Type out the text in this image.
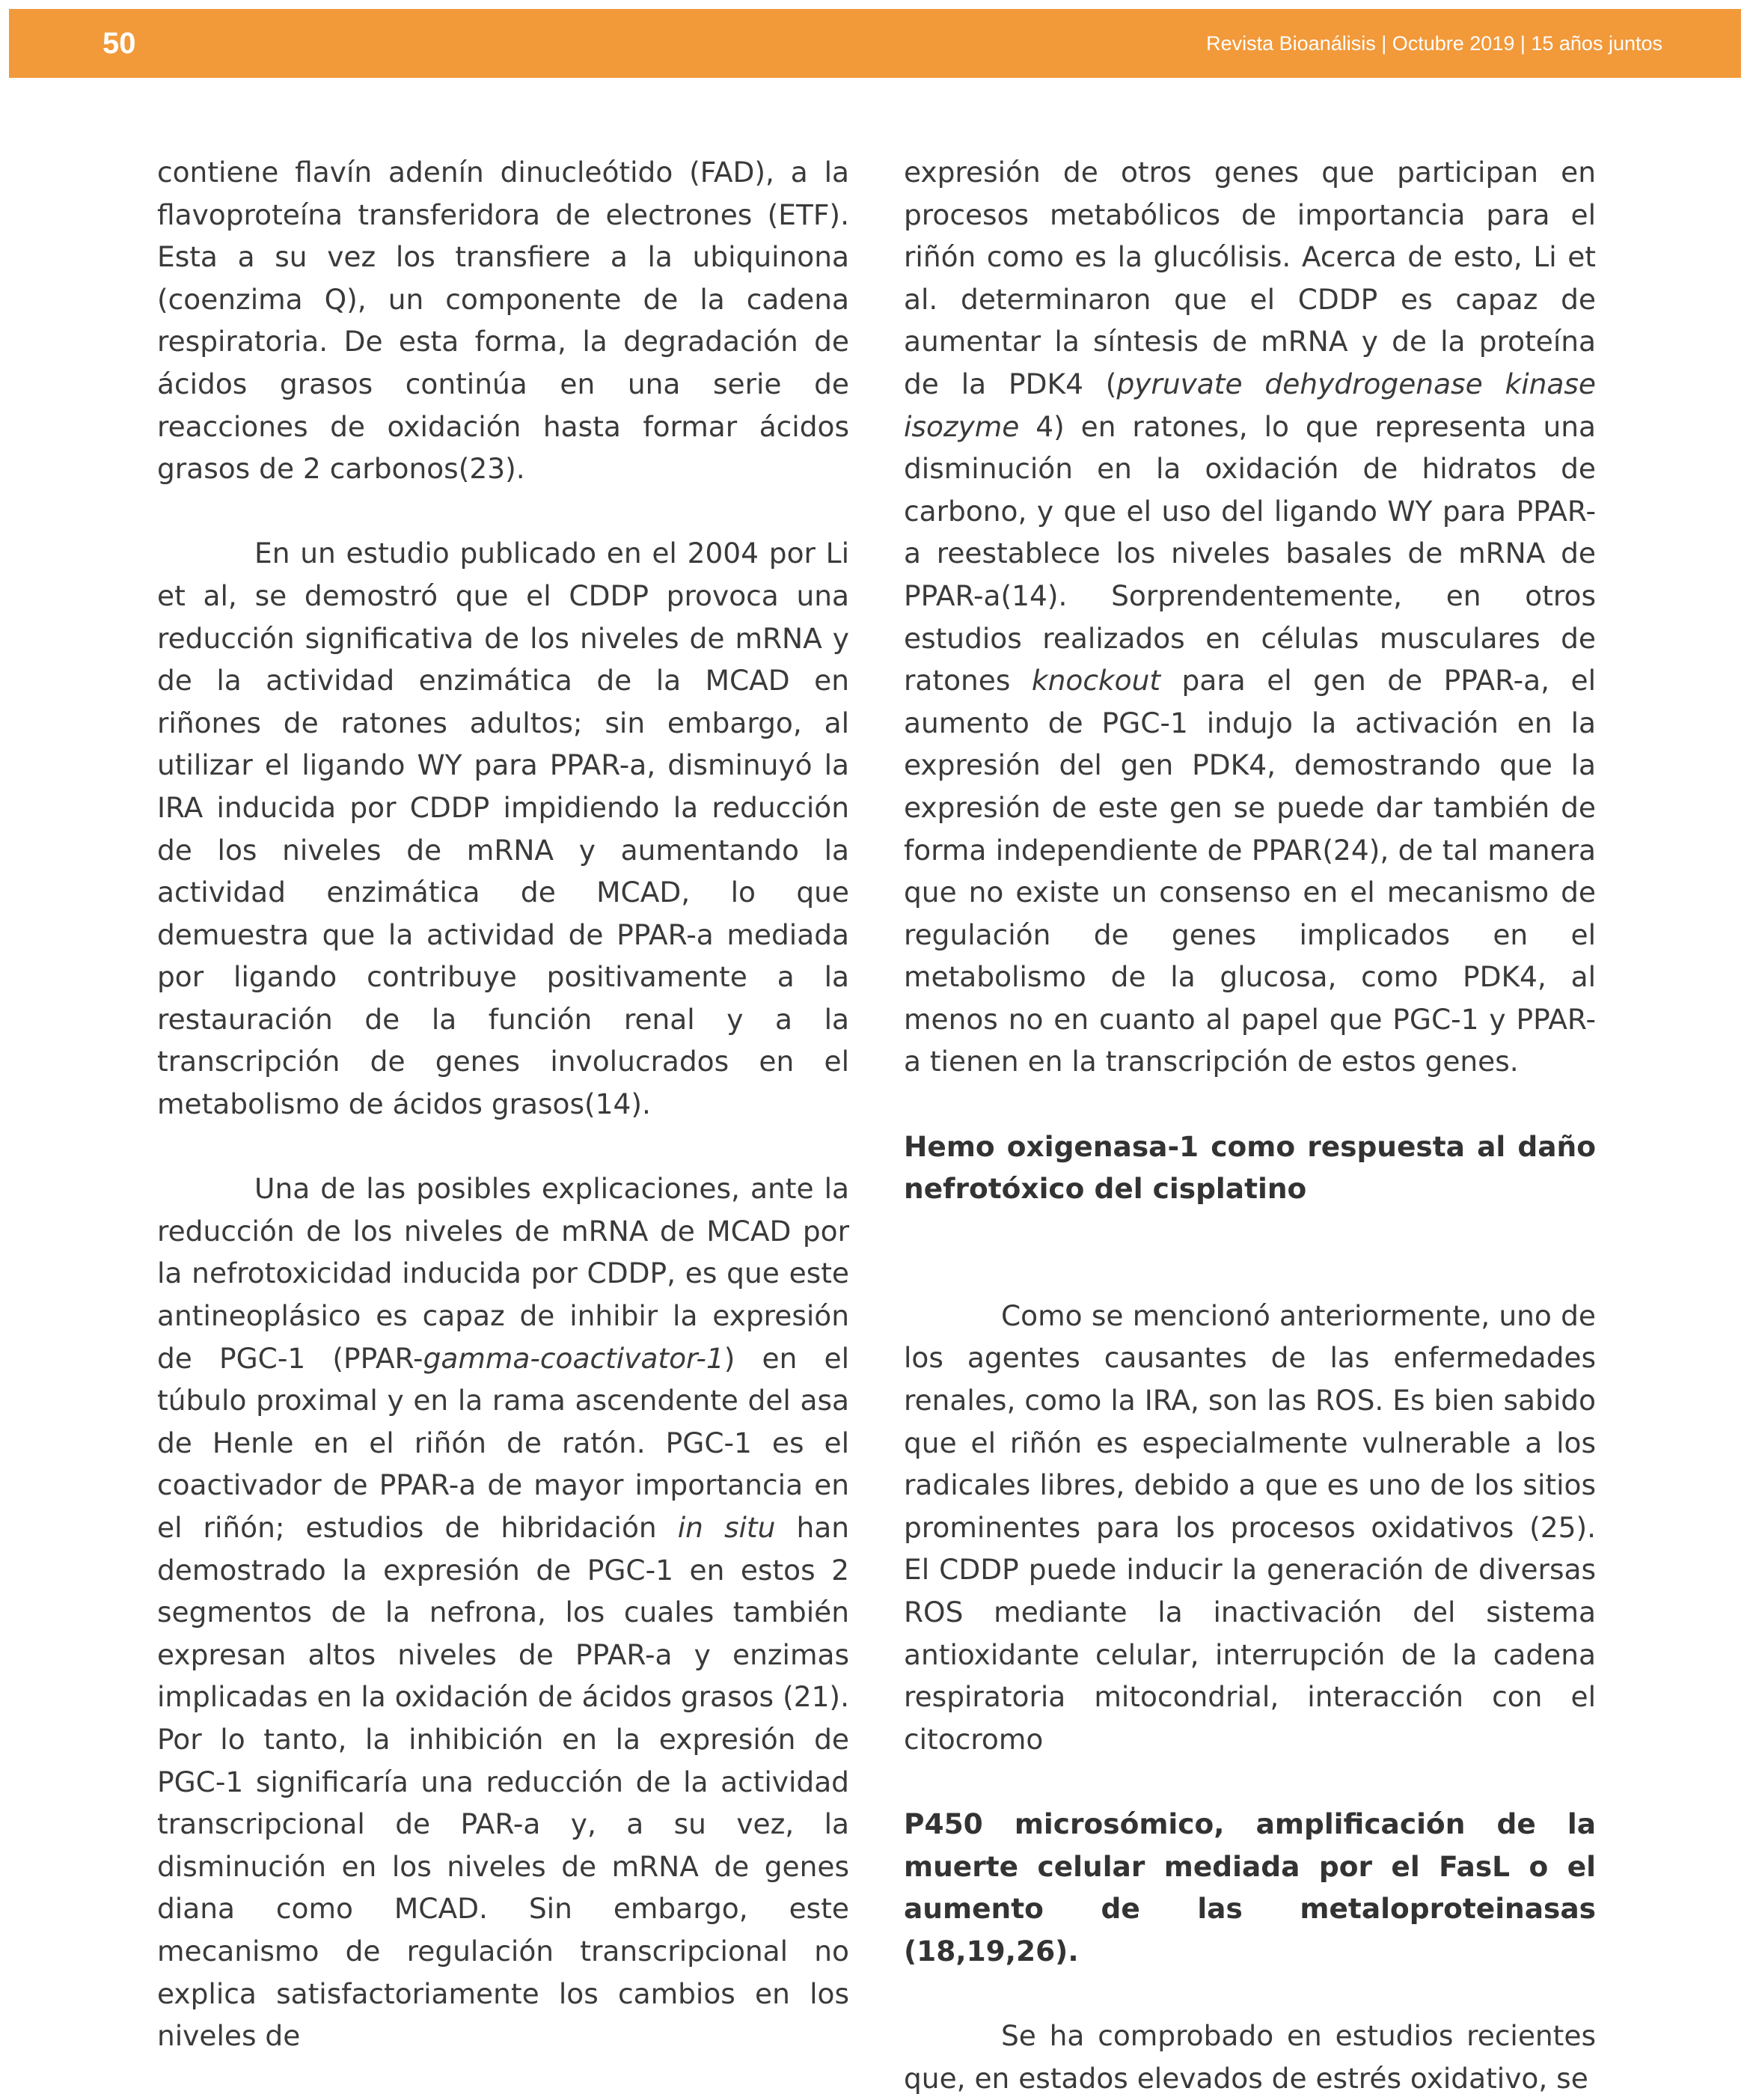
50	Revista Bioanálisis | Octubre 2019 | 15 años juntos

contiene flavín adenín dinucleótido (FAD), a la flavoproteína transferidora de electrones (ETF). Esta a su vez los transfiere a la ubiquinona (coenzima Q), un componente de la cadena respiratoria. De esta forma, la degradación de ácidos grasos continúa en una serie de reacciones de oxidación hasta formar ácidos grasos de 2 carbonos(23).

En un estudio publicado en el 2004 por Li et al, se demostró que el CDDP provoca una reducción significativa de los niveles de mRNA y de la actividad enzimática de la MCAD en riñones de ratones adultos; sin embargo, al utilizar el ligando WY para PPAR-a, disminuyó la IRA inducida por CDDP impidiendo la reducción de los niveles de mRNA y aumentando la actividad enzimática de MCAD, lo que demuestra que la actividad de PPAR-a mediada por ligando contribuye positivamente a la restauración de la función renal y a la transcripción de genes involucrados en el metabolismo de ácidos grasos(14).

Una de las posibles explicaciones, ante la reducción de los niveles de mRNA de MCAD por la nefrotoxicidad inducida por CDDP, es que este antineoplásico es capaz de inhibir la expresión de PGC-1 (PPAR-gamma-coactivator-1) en el túbulo proximal y en la rama ascendente del asa de Henle en el riñón de ratón. PGC-1 es el coactivador de PPAR-a de mayor importancia en el riñón; estudios de hibridación in situ han demostrado la expresión de PGC-1 en estos 2 segmentos de la nefrona, los cuales también expresan altos niveles de PPAR-a y enzimas implicadas en la oxidación de ácidos grasos (21). Por lo tanto, la inhibición en la expresión de PGC-1 significaría una reducción de la actividad transcripcional de PAR-a y, a su vez, la disminución en los niveles de mRNA de genes diana como MCAD. Sin embargo, este mecanismo de regulación transcripcional no explica satisfactoriamente los cambios en los niveles de

expresión de otros genes que participan en procesos metabólicos de importancia para el riñón como es la glucólisis. Acerca de esto, Li et al. determinaron que el CDDP es capaz de aumentar la síntesis de mRNA y de la proteína de la PDK4 (pyruvate dehydrogenase kinase isozyme 4) en ratones, lo que representa una disminución en la oxidación de hidratos de carbono, y que el uso del ligando WY para PPAR-a reestablece los niveles basales de mRNA de PPAR-a(14). Sorprendentemente, en otros estudios realizados en células musculares de ratones knockout para el gen de PPAR-a, el aumento de PGC-1 indujo la activación en la expresión del gen PDK4, demostrando que la expresión de este gen se puede dar también de forma independiente de PPAR(24), de tal manera que no existe un consenso en el mecanismo de regulación de genes implicados en el metabolismo de la glucosa, como PDK4, al menos no en cuanto al papel que PGC-1 y PPAR-a tienen en la transcripción de estos genes.

Hemo oxigenasa-1 como respuesta al daño nefrotóxico del cisplatino

Como se mencionó anteriormente, uno de los agentes causantes de las enfermedades renales, como la IRA, son las ROS. Es bien sabido que el riñón es especialmente vulnerable a los radicales libres, debido a que es uno de los sitios prominentes para los procesos oxidativos (25). El CDDP puede inducir la generación de diversas ROS mediante la inactivación del sistema antioxidante celular, interrupción de la cadena respiratoria mitocondrial, interacción con el citocromo

P450 microsómico, amplificación de la muerte celular mediada por el FasL o el aumento de las metaloproteinasas (18,19,26).

Se ha comprobado en estudios recientes que, en estados elevados de estrés oxidativo, se
